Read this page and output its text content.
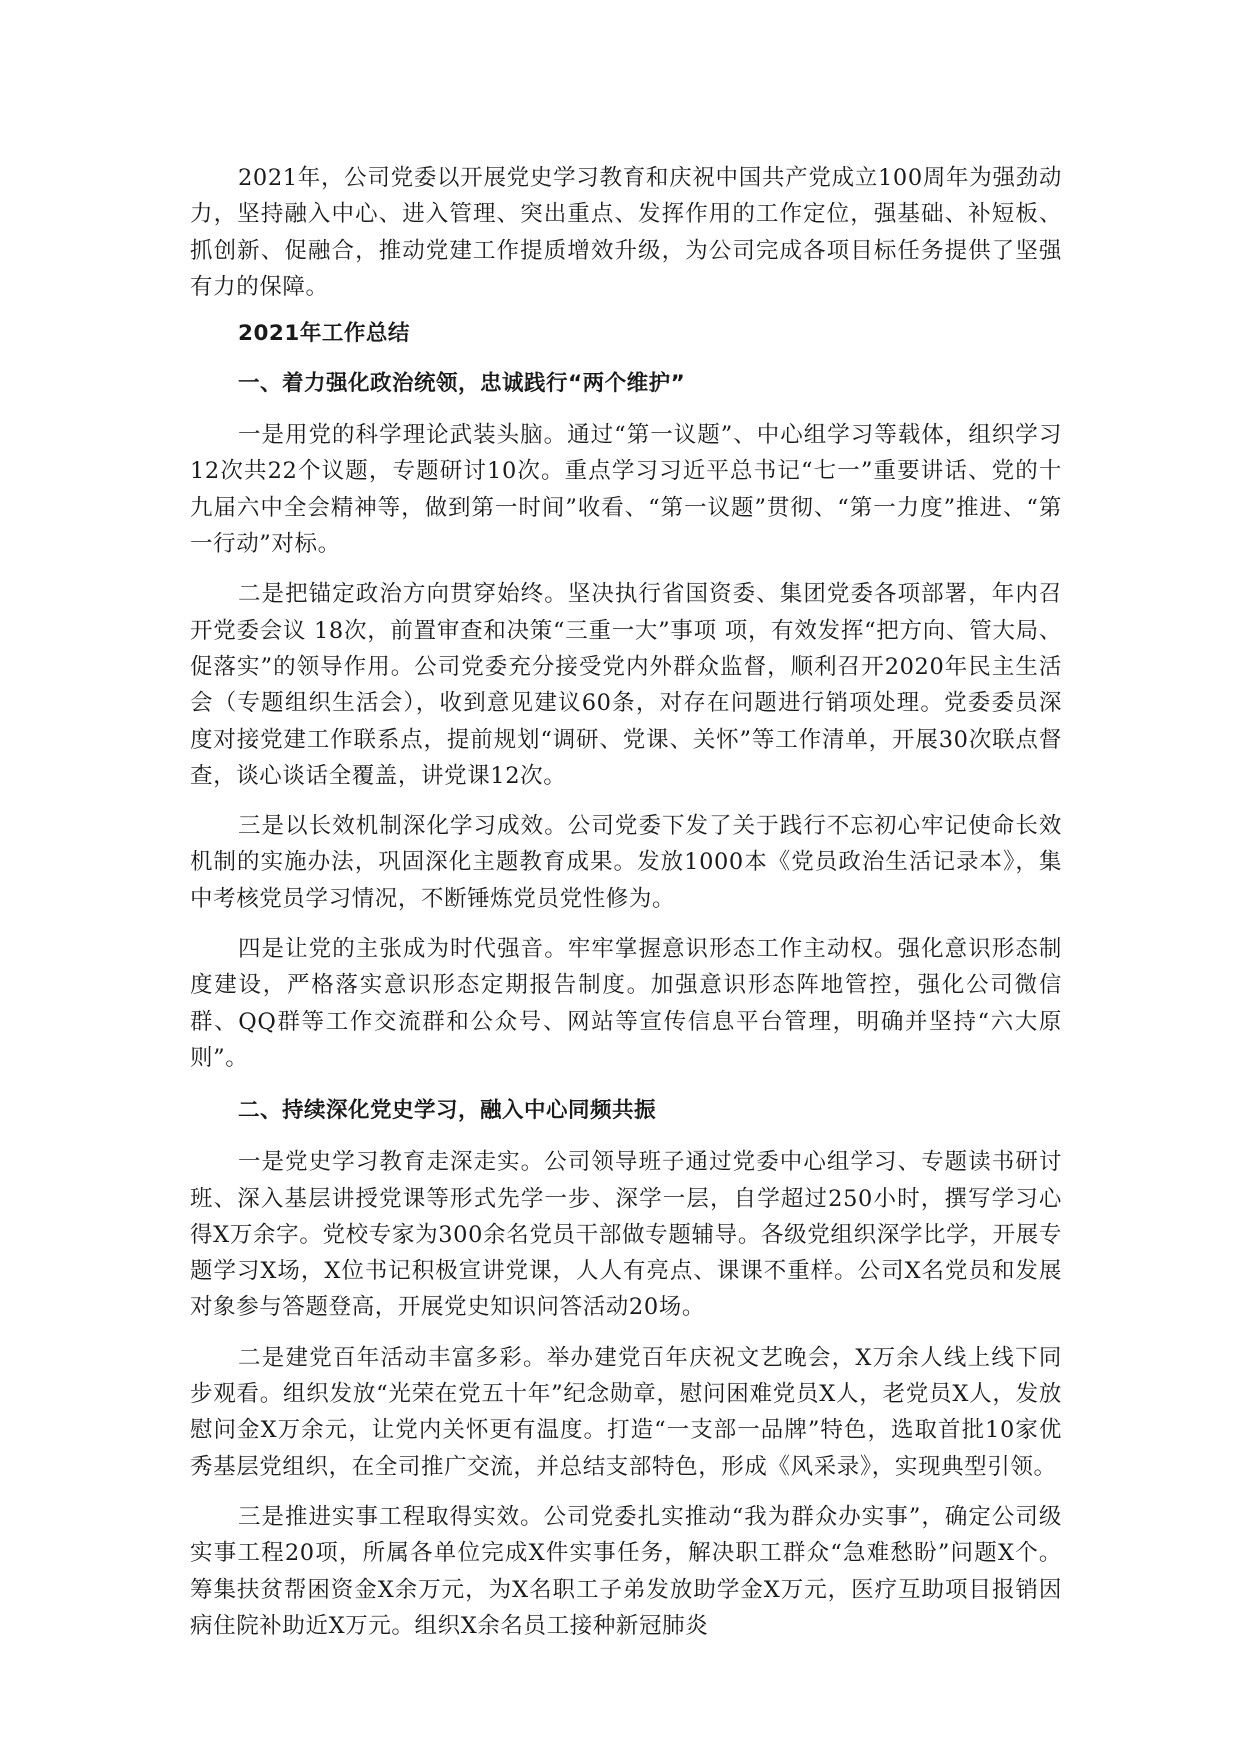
2021年，公司党委以开展党史学习教育和庆祝中国共产党成立100周年为强劲动力，坚持融入中心、进入管理、突出重点、发挥作用的工作定位，强基础、补短板、抓创新、促融合，推动党建工作提质增效升级，为公司完成各项目标任务提供了坚强有力的保障。

2021年工作总结
一、着力强化政治统领，忠诚践行“两个维护”

一是用党的科学理论武装头脑。通过“第一议题”、中心组学习等载体，组织学习12次共22个议题，专题研讨10次。重点学习习近平总书记“七一”重要讲话、党的十九届六中全会精神等，做到第一时间”收看、“第一议题”贯彻、“第一力度”推进、“第一行动”对标。

二是把锚定政治方向贯穿始终。坚决执行省国资委、集团党委各项部署，年内召开党委会议 18次，前置审查和决策“三重一大”事项 项，有效发挥“把方向、管大局、促落实”的领导作用。公司党委充分接受党内外群众监督，顺利召开2020年民主生活会（专题组织生活会），收到意见建议60条，对存在问题进行销项处理。党委委员深度对接党建工作联系点，提前规划“调研、党课、关怀”等工作清单，开展30次联点督查，谈心谈话全覆盖，讲党课12次。

三是以长效机制深化学习成效。公司党委下发了关于践行不忘初心牢记使命长效机制的实施办法，巩固深化主题教育成果。发放1000本《党员政治生活记录本》，集中考核党员学习情况，不断锤炼党员党性修为。

四是让党的主张成为时代强音。牢牢掌握意识形态工作主动权。强化意识形态制度建设，严格落实意识形态定期报告制度。加强意识形态阵地管控，强化公司微信群、QQ群等工作交流群和公众号、网站等宣传信息平台管理，明确并坚持“六大原则”。

二、持续深化党史学习，融入中心同频共振

一是党史学习教育走深走实。公司领导班子通过党委中心组学习、专题读书研讨班、深入基层讲授党课等形式先学一步、深学一层，自学超过250小时，撰写学习心得X万余字。党校专家为300余名党员干部做专题辅导。各级党组织深学比学，开展专题学习X场，X位书记积极宣讲党课，人人有亮点、课课不重样。公司X名党员和发展对象参与答题登高，开展党史知识问答活动20场。

二是建党百年活动丰富多彩。举办建党百年庆祝文艺晚会，X万余人线上线下同步观看。组织发放“光荣在党五十年”纪念勋章，慰问困难党员X人，老党员X人，发放慰问金X万余元，让党内关怀更有温度。打造“一支部一品牌”特色，选取首批10家优秀基层党组织，在全司推广交流，并总结支部特色，形成《风采录》，实现典型引领。

三是推进实事工程取得实效。公司党委扎实推动“我为群众办实事”，确定公司级实事工程20项，所属各单位完成X件实事任务，解决职工群众“急难愁盼”问题X个。筹集扶贫帮困资金X余万元，为X名职工子弟发放助学金X万元，医疗互助项目报销因病住院补助近X万元。组织X余名员工接种新冠肺炎
